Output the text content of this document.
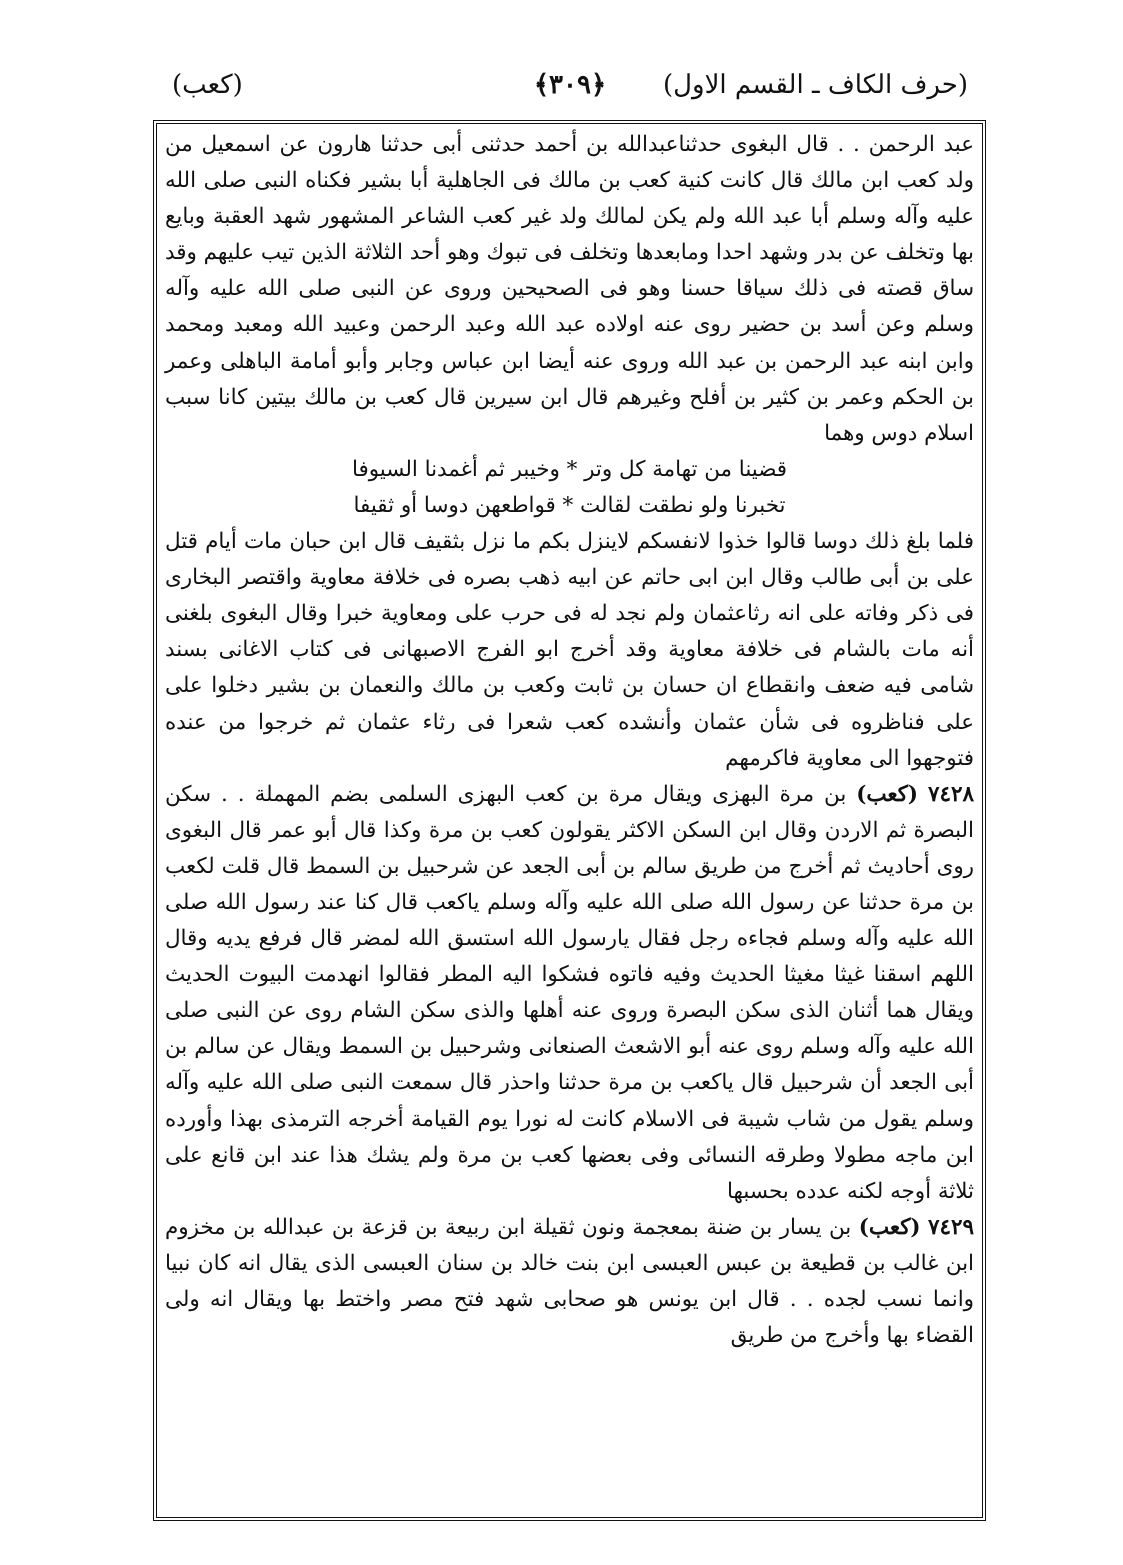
(حرف الكاف ـ القسم الاول)
﴿٣٠٩﴾
(كعب)

عبد الرحمن . . قال البغوى حدثناعبدالله بن أحمد حدثنى أبى حدثنا هارون عن اسمعيل من ولد كعب ابن مالك قال كانت كنية كعب بن مالك فى الجاهلية أبا بشير فكناه النبى صلى الله عليه وآله وسلم أبا عبد الله ولم يكن لمالك ولد غير كعب الشاعر المشهور شهد العقبة وبايع بها وتخلف عن بدر وشهد احدا ومابعدها وتخلف فى تبوك وهو أحد الثلاثة الذين تيب عليهم وقد ساق قصته فى ذلك سياقا حسنا وهو فى الصحيحين وروى عن النبى صلى الله عليه وآله وسلم وعن أسد بن حضير روى عنه اولاده عبد الله وعبد الرحمن وعبيد الله ومعبد ومحمد وابن ابنه عبد الرحمن بن عبد الله وروى عنه أيضا ابن عباس وجابر وأبو أمامة الباهلى وعمر بن الحكم وعمر بن كثير بن أفلح وغيرهم قال ابن سيرين قال كعب بن مالك بيتين كانا سبب اسلام دوس وهما

قضينا من تهامة كل وتر * وخيبر ثم أغمدنا السيوفا

تخبرنا ولو نطقت لقالت * قواطعهن دوسا أو ثقيفا

فلما بلغ ذلك دوسا قالوا خذوا لانفسكم لاينزل بكم ما نزل بثقيف قال ابن حبان مات أيام قتل على بن أبى طالب وقال ابن ابى حاتم عن ابيه ذهب بصره فى خلافة معاوية واقتصر البخارى فى ذكر وفاته على انه رثاعثمان ولم نجد له فى حرب على ومعاوية خبرا وقال البغوى بلغنى أنه مات بالشام فى خلافة معاوية وقد أخرج ابو الفرج الاصبهانى فى كتاب الاغانى بسند شامى فيه ضعف وانقطاع ان حسان بن ثابت وكعب بن مالك والنعمان بن بشير دخلوا على على فناظروه فى شأن عثمان وأنشده كعب شعرا فى رثاء عثمان ثم خرجوا من عنده فتوجهوا الى معاوية فاكرمهم

٧٤٢٨ (كعب) بن مرة البهزى ويقال مرة بن كعب البهزى السلمى بضم المهملة . . سكن البصرة ثم الاردن وقال ابن السكن الاكثر يقولون كعب بن مرة وكذا قال أبو عمر قال البغوى روى أحاديث ثم أخرج من طريق سالم بن أبى الجعد عن شرحبيل بن السمط قال قلت لكعب بن مرة حدثنا عن رسول الله صلى الله عليه وآله وسلم ياكعب قال كنا عند رسول الله صلى الله عليه وآله وسلم فجاءه رجل فقال يارسول الله استسق الله لمضر قال فرفع يديه وقال اللهم اسقنا غيثا مغيثا الحديث وفيه فاتوه فشكوا اليه المطر فقالوا انهدمت البيوت الحديث ويقال هما أثنان الذى سكن البصرة وروى عنه أهلها والذى سكن الشام روى عن النبى صلى الله عليه وآله وسلم روى عنه أبو الاشعث الصنعانى وشرحبيل بن السمط ويقال عن سالم بن أبى الجعد أن شرحبيل قال ياكعب بن مرة حدثنا واحذر قال سمعت النبى صلى الله عليه وآله وسلم يقول من شاب شيبة فى الاسلام كانت له نورا يوم القيامة أخرجه الترمذى بهذا وأورده ابن ماجه مطولا وطرقه النسائى وفى بعضها كعب بن مرة ولم يشك هذا عند ابن قانع على ثلاثة أوجه لكنه عدده بحسبها

٧٤٢٩ (كعب) بن يسار بن ضنة بمعجمة ونون ثقيلة ابن ربيعة بن قزعة بن عبدالله بن مخزوم ابن غالب بن قطيعة بن عبس العبسى ابن بنت خالد بن سنان العبسى الذى يقال انه كان نبيا وانما نسب لجده . . قال ابن يونس هو صحابى شهد فتح مصر واختط بها ويقال انه ولى القضاء بها وأخرج من طريق
